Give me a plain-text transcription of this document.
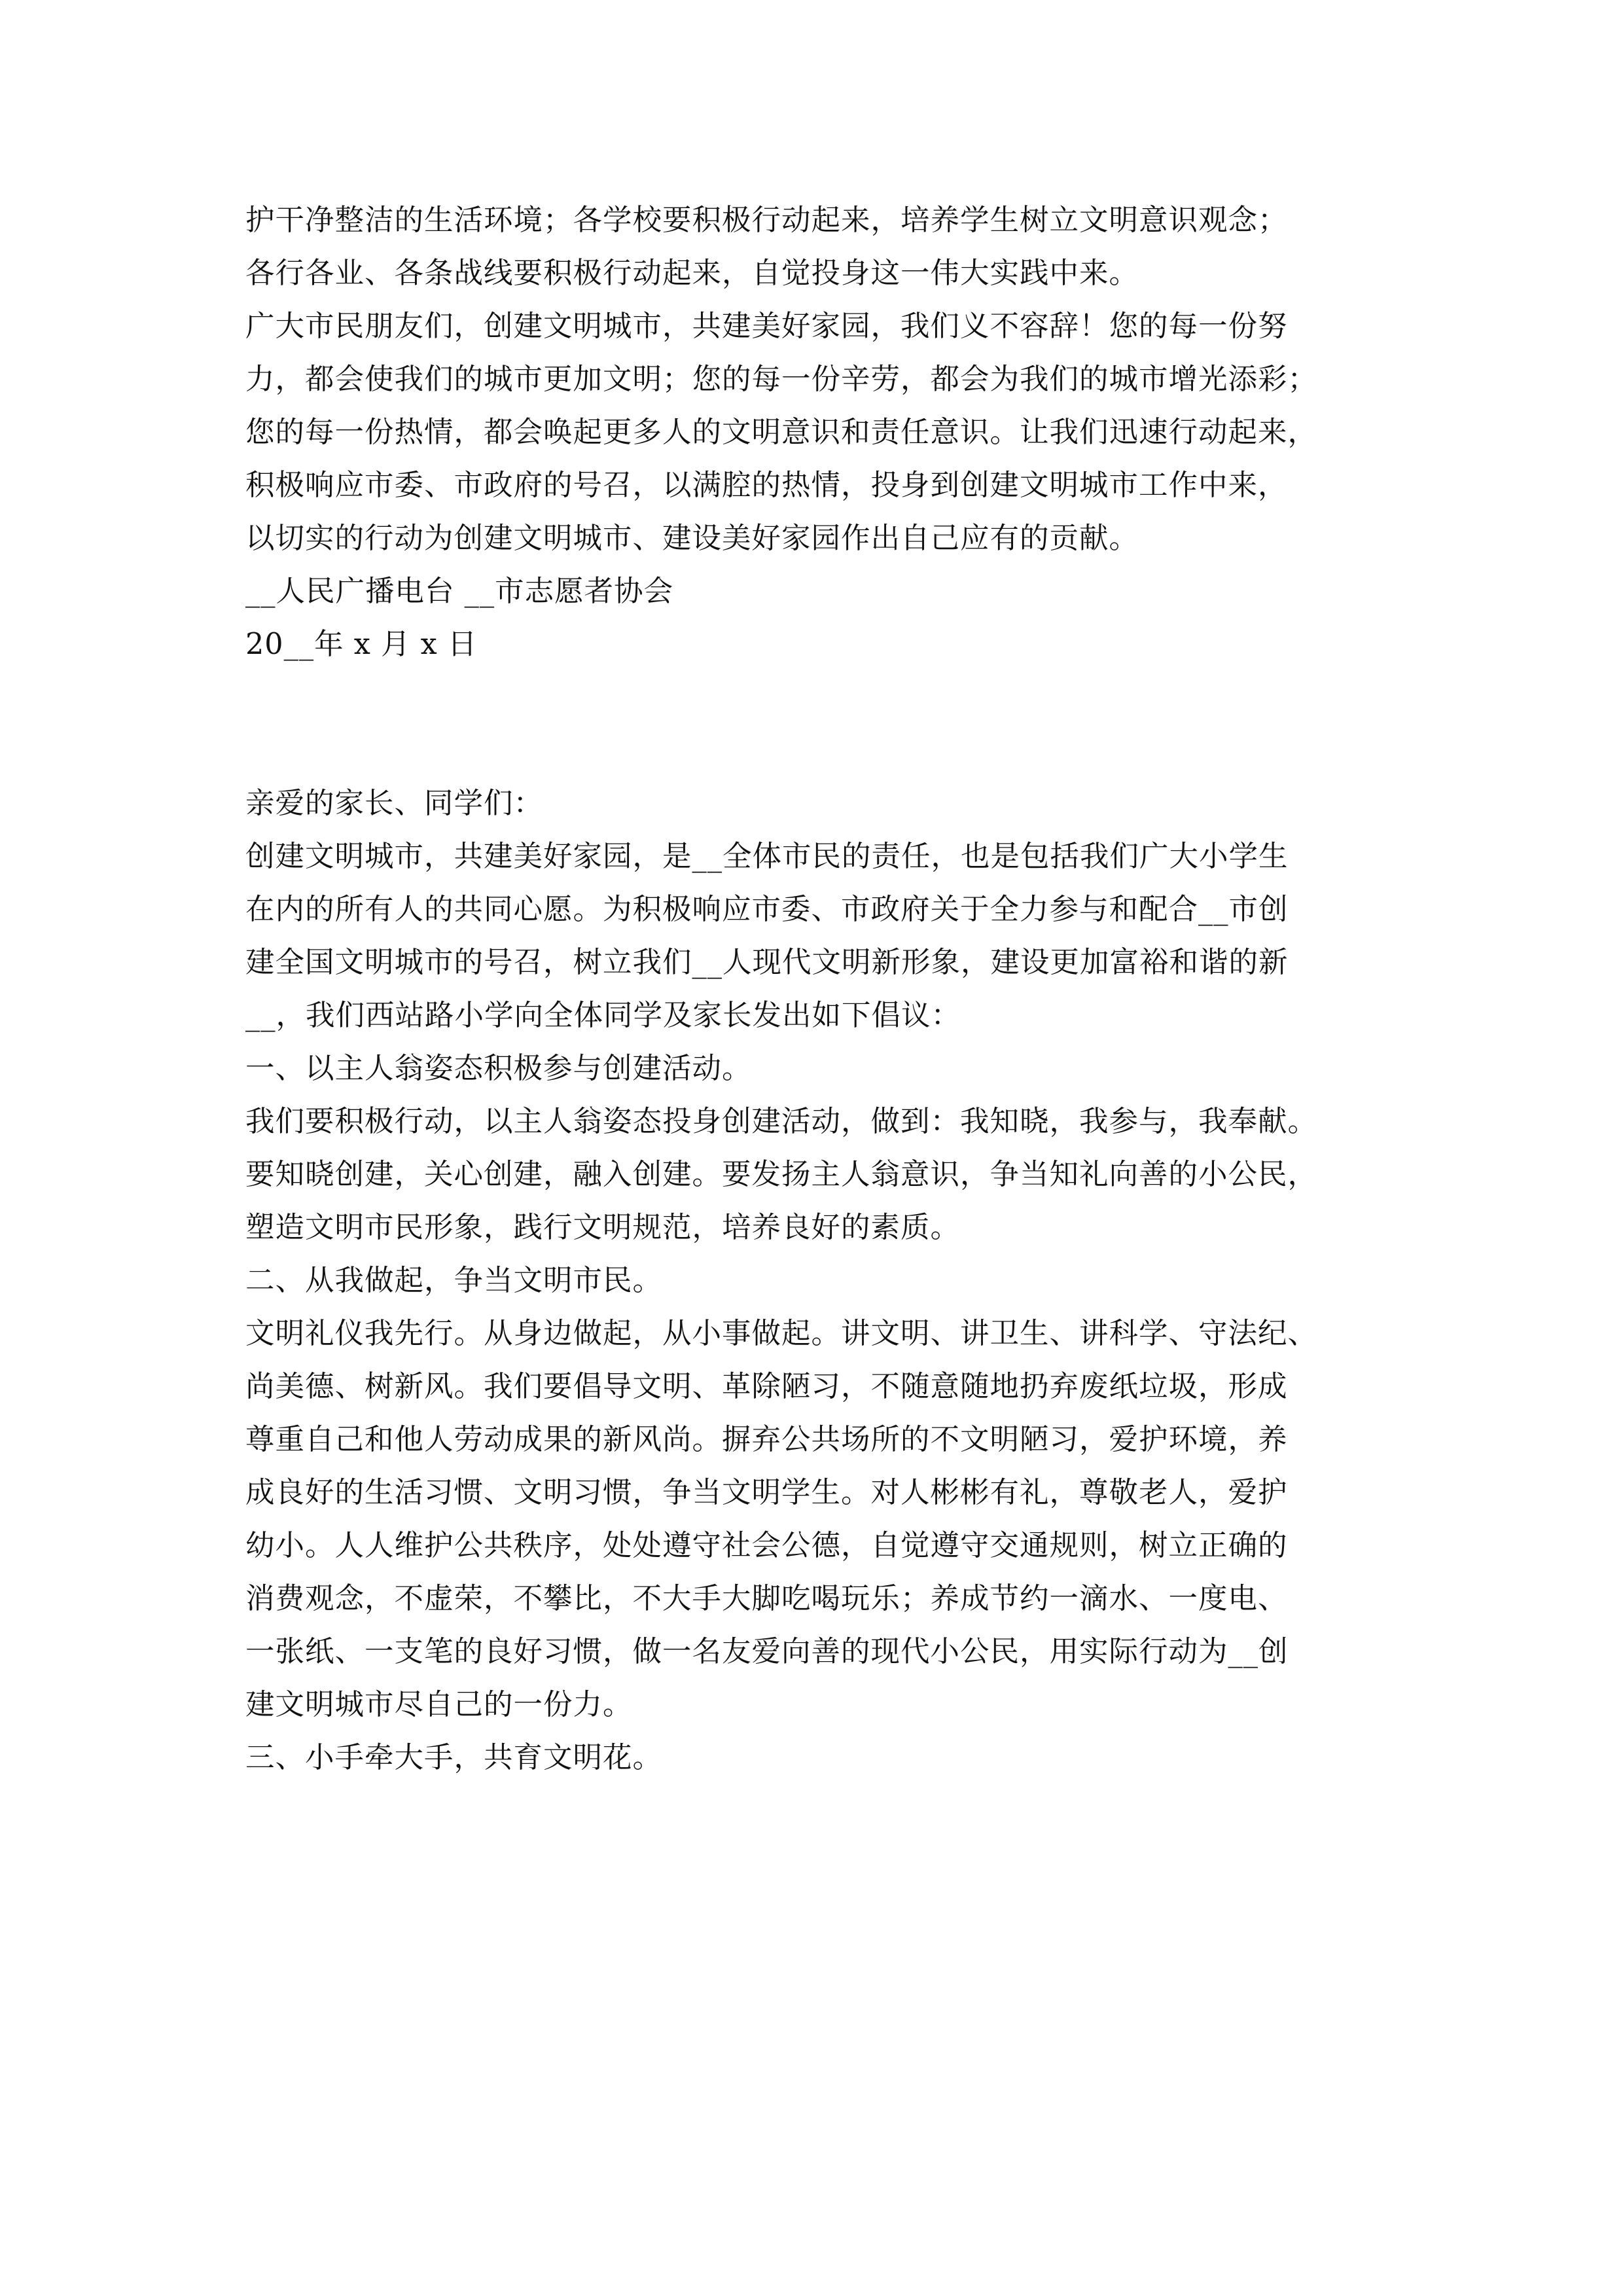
护干净整洁的生活环境；各学校要积极行动起来，培养学生树立文明意识观念；
各行各业、各条战线要积极行动起来，自觉投身这一伟大实践中来。
广大市民朋友们，创建文明城市，共建美好家园，我们义不容辞！您的每一份努
力，都会使我们的城市更加文明；您的每一份辛劳，都会为我们的城市增光添彩；
您的每一份热情，都会唤起更多人的文明意识和责任意识。让我们迅速行动起来，
积极响应市委、市政府的号召，以满腔的热情，投身到创建文明城市工作中来，
以切实的行动为创建文明城市、建设美好家园作出自己应有的贡献。
__人民广播电台 __市志愿者协会
20__年 x 月 x 日
亲爱的家长、同学们：
创建文明城市，共建美好家园，是__全体市民的责任，也是包括我们广大小学生
在内的所有人的共同心愿。为积极响应市委、市政府关于全力参与和配合__市创
建全国文明城市的号召，树立我们__人现代文明新形象，建设更加富裕和谐的新
__，我们西站路小学向全体同学及家长发出如下倡议：
一、以主人翁姿态积极参与创建活动。
我们要积极行动，以主人翁姿态投身创建活动，做到：我知晓，我参与，我奉献。
要知晓创建，关心创建，融入创建。要发扬主人翁意识，争当知礼向善的小公民，
塑造文明市民形象，践行文明规范，培养良好的素质。
二、从我做起，争当文明市民。
文明礼仪我先行。从身边做起，从小事做起。讲文明、讲卫生、讲科学、守法纪、
尚美德、树新风。我们要倡导文明、革除陋习，不随意随地扔弃废纸垃圾，形成
尊重自己和他人劳动成果的新风尚。摒弃公共场所的不文明陋习，爱护环境，养
成良好的生活习惯、文明习惯，争当文明学生。对人彬彬有礼，尊敬老人，爱护
幼小。人人维护公共秩序，处处遵守社会公德，自觉遵守交通规则，树立正确的
消费观念，不虚荣，不攀比，不大手大脚吃喝玩乐；养成节约一滴水、一度电、
一张纸、一支笔的良好习惯，做一名友爱向善的现代小公民，用实际行动为__创
建文明城市尽自己的一份力。
三、小手牵大手，共育文明花。
